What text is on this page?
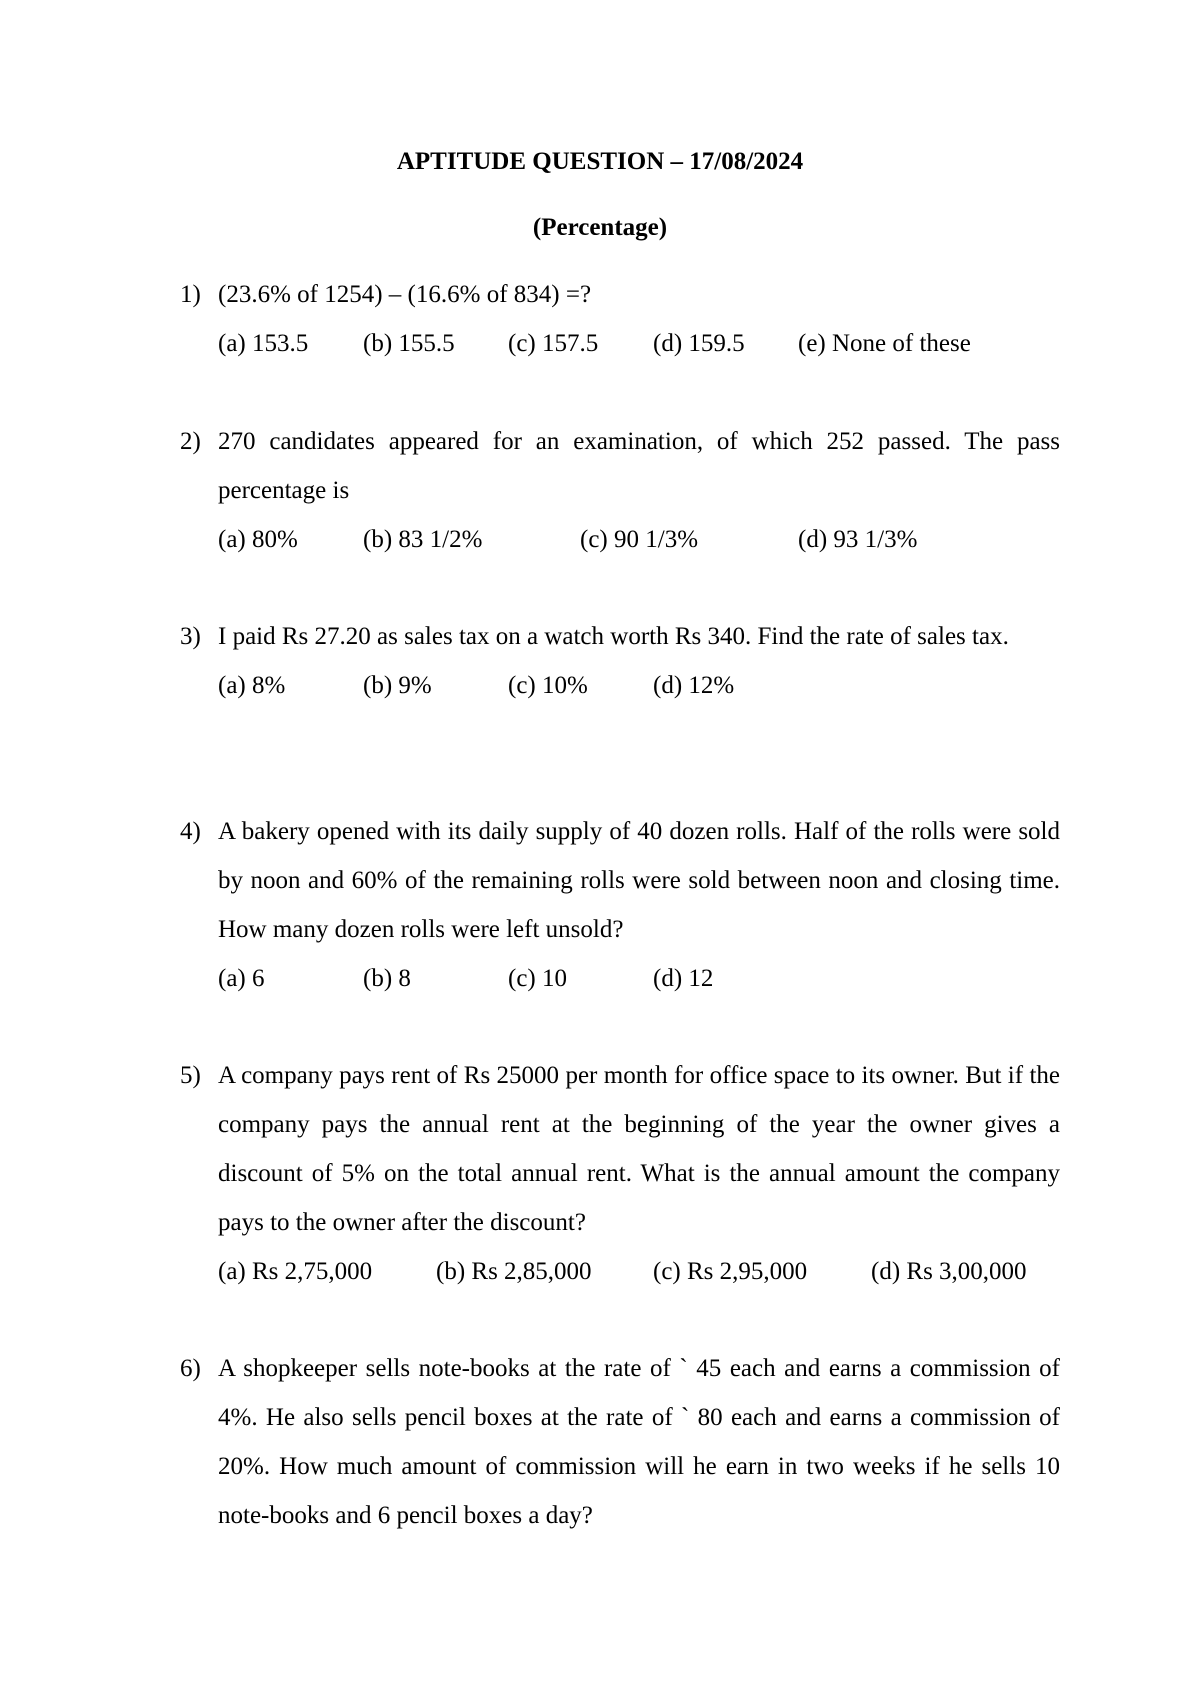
APTITUDE QUESTION – 17/08/2024
(Percentage)
1) (23.6% of 1254) – (16.6% of 834) =?
(a) 153.5 (b) 155.5 (c) 157.5 (d) 159.5 (e) None of these
2) 270 candidates appeared for an examination, of which 252 passed. The pass percentage is
(a) 80%	(b) 83 1/2%	(c) 90 1/3%	(d) 93 1/3%
3) I paid Rs 27.20 as sales tax on a watch worth Rs 340. Find the rate of sales tax.
(a) 8%	(b) 9%	(c) 10%	(d) 12%
4) A bakery opened with its daily supply of 40 dozen rolls. Half of the rolls were sold by noon and 60% of the remaining rolls were sold between noon and closing time. How many dozen rolls were left unsold?
(a) 6	(b) 8	(c) 10	(d) 12
5) A company pays rent of Rs 25000 per month for office space to its owner. But if the company pays the annual rent at the beginning of the year the owner gives a discount of 5% on the total annual rent. What is the annual amount the company pays to the owner after the discount?
(a) Rs 2,75,000	(b) Rs 2,85,000 (c) Rs 2,95,000	(d) Rs 3,00,000
6) A shopkeeper sells note-books at the rate of ` 45 each and earns a commission of 4%. He also sells pencil boxes at the rate of ` 80 each and earns a commission of 20%. How much amount of commission will he earn in two weeks if he sells 10 note-books and 6 pencil boxes a day?
